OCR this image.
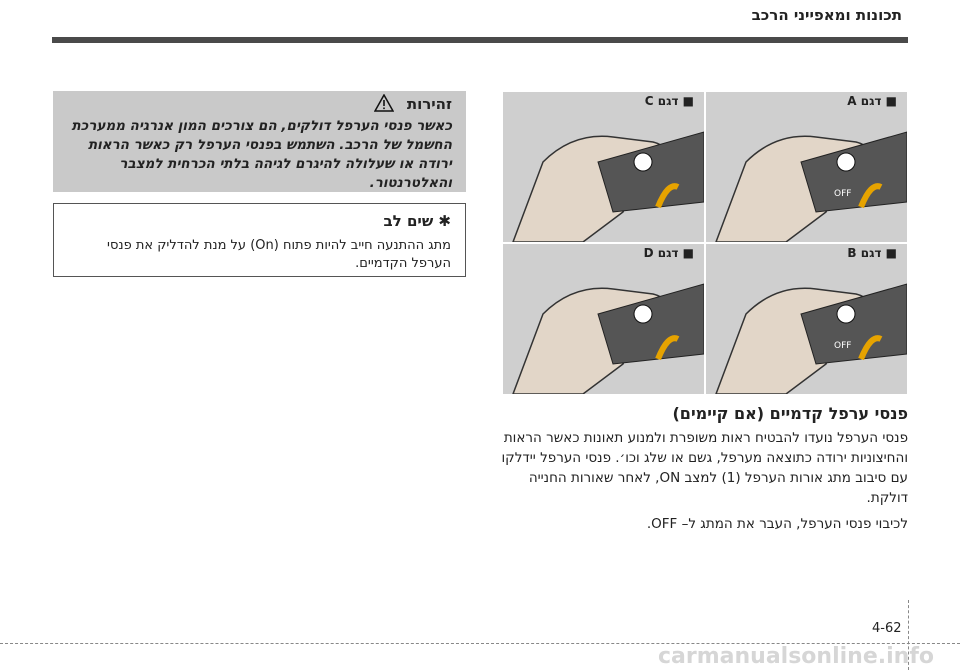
תכונות ומאפייני הרכב
OFF
■ דגם A
■ דגם C
OFF
■ דגם B
■ דגם D
זהירות
כאשר פנסי הערפל דולקים, הם צורכים המון אנרגיה ממערכת החשמל של הרכב. השתמש בפנסי הערפל רק כאשר הראות ירודה או שעלולה להיגרם לגיהה בלתי הכרחית למצבר והאלטרנטור.
✱ שים לב
מתג ההתנעה חייב להיות פתוח (On) על מנת להדליק את פנסי הערפל הקדמיים.
פנסי ערפל קדמיים (אם קיימים)

פנסי הערפל נועדו להבטיח ראות משופרת ולמנוע תאונות כאשר הראות והחיצוניות ירודה כתוצאה מערפל, גשם או שלג וכו׳. פנסי הערפל יידלקו עם סיבוב מתג אורות הערפל (1) למצב ON, לאחר שאורות החנייה דולקת.

לכיבוי פנסי הערפל, העבר את המתג ל– OFF.

4-62
carmanualsonline.info
